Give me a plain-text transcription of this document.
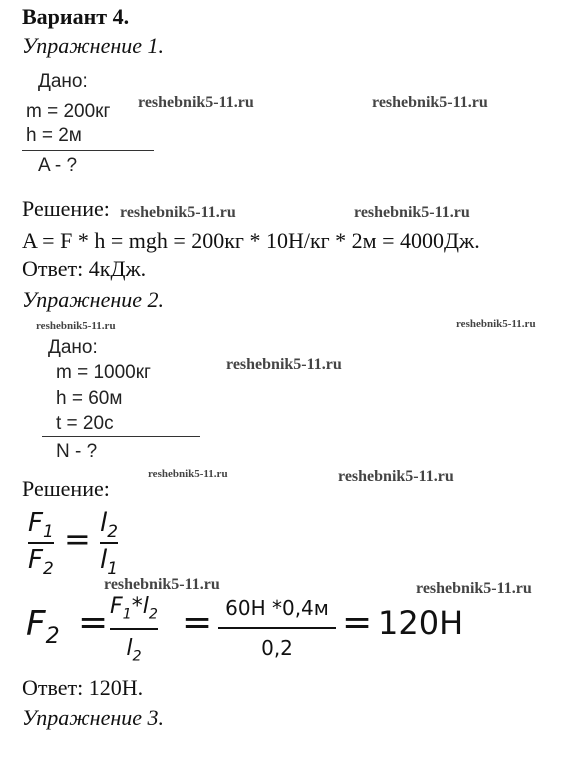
Вариант 4.
Упражнение 1.
Дано:
m = 200кг
h = 2м
A - ?
Решение:
A = F * h = mgh = 200кг * 10Н/кг * 2м = 4000Дж.
Ответ: 4кДж.
Упражнение 2.
Дано:
m = 1000кг
h = 60м
t = 20с
N - ?
Решение:
$F_1$
$F_2$
= $l_2$
$l_1$
$F_2 = F_1*l_2$
$l_2$
= 60Н *0,4м
0,2
= 120Н
Ответ: 120Н.
Упражнение 3.
reshebnik5-11.ru	reshebnik5-11.ru
reshebnik5-11.ru	reshebnik5-11.ru
reshebnik5-11.ru	reshebnik5-11.ru
reshebnik5-11.ru
reshebnik5-11.ru	reshebnik5-11.ru
reshebnik5-11.ru	reshebnik5-11.ru
